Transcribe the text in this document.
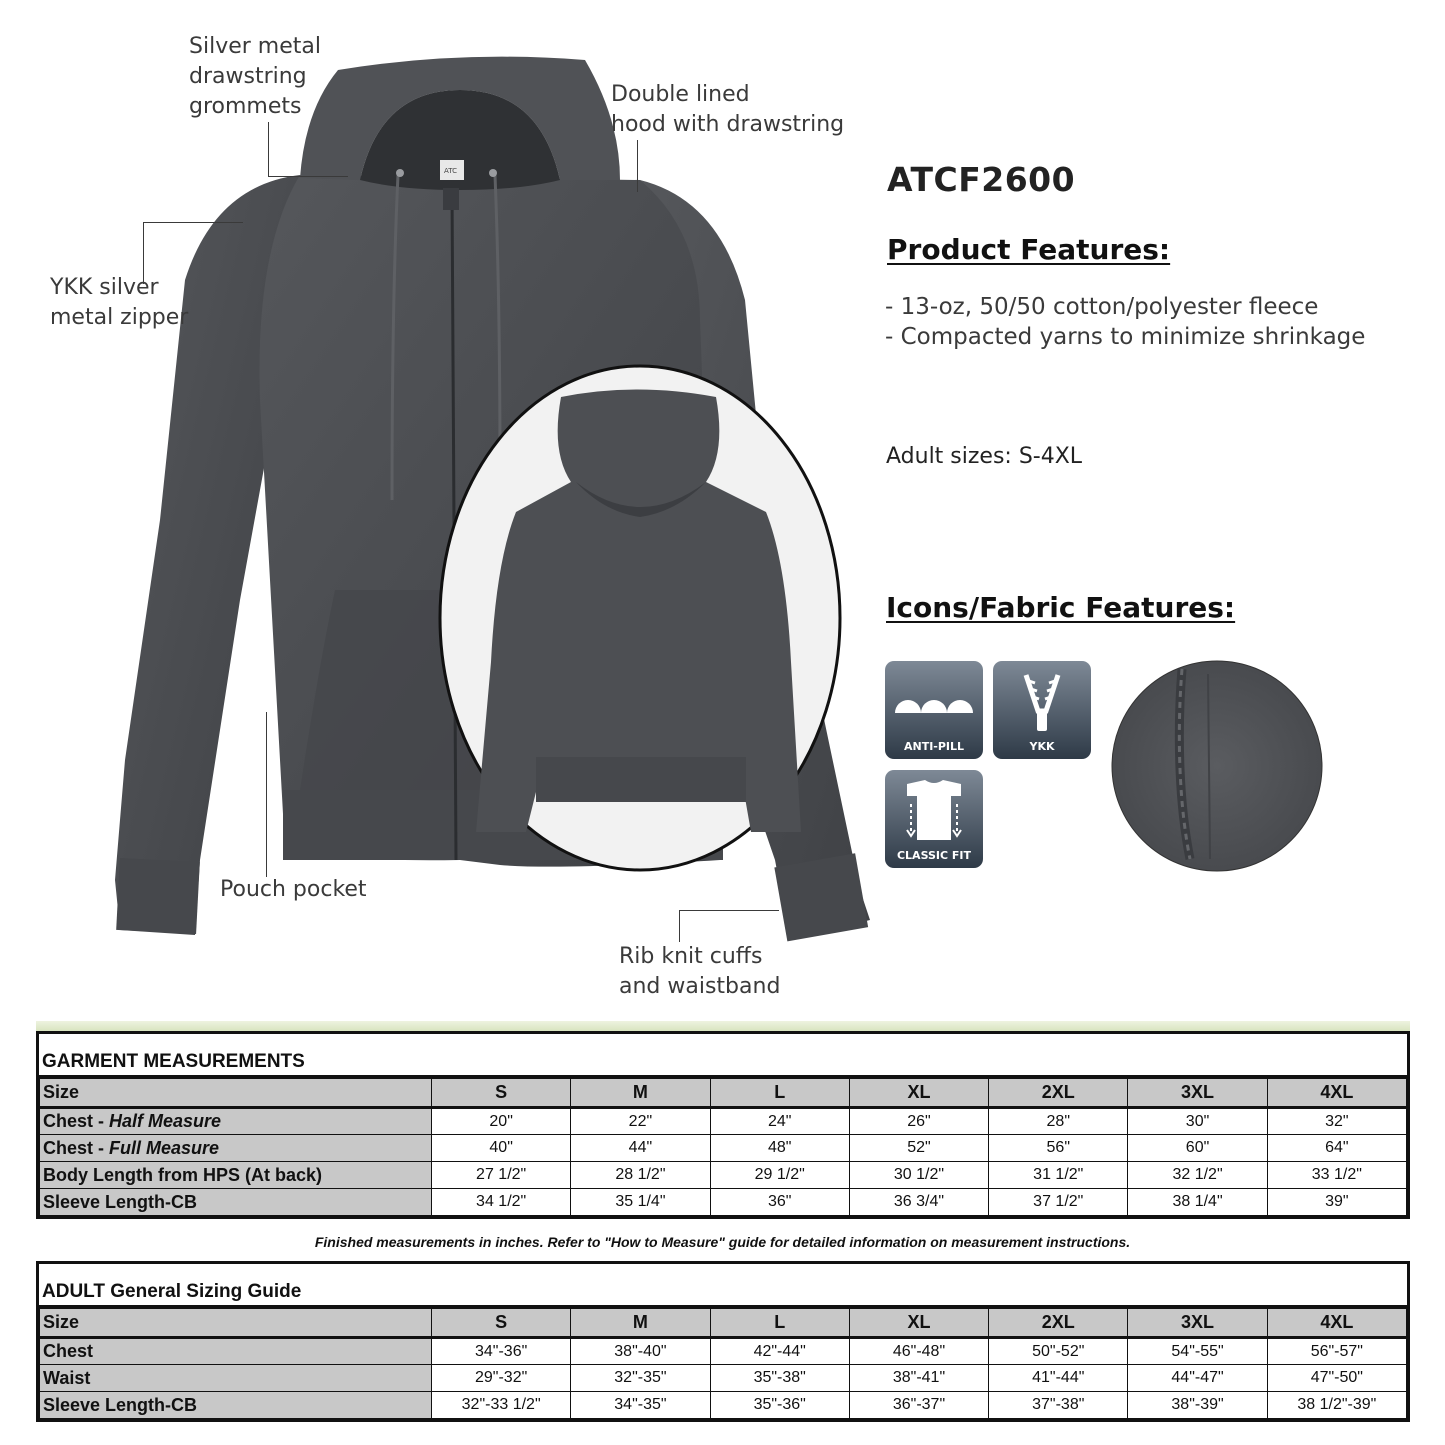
ATC
Silver metal
drawstring
grommets	Double lined
hood with drawstring
YKK silver
metal zipper
Pouch pocket
Rib knit cuffs
and waistband
ATCF2600
Product Features:
- 13-oz, 50/50 cotton/polyester fleece
- Compacted yarns to minimize shrinkage
Adult sizes: S-4XL
Icons/Fabric Features:
ANTI-PILL	YKK
CLASSIC FIT
GARMENT MEASUREMENTS
Size	S	M	L	XL	2XL	3XL	4XL
Chest - Half Measure	20"	22"	24"	26"	28"	30"	32"
Chest - Full Measure	40"	44"	48"	52"	56"	60"	64"
Body Length from HPS (At back)	27 1/2"	28 1/2"	29 1/2"	30 1/2"	31 1/2"	32 1/2"	33 1/2"
Sleeve Length-CB	34 1/2"	35 1/4"	36"	36 3/4"	37 1/2"	38 1/4"	39"
Finished measurements in inches. Refer to "How to Measure" guide for detailed information on measurement instructions.
ADULT General Sizing Guide
Size	S	M	L	XL	2XL	3XL	4XL
Chest	34"-36"	38"-40"	42"-44"	46"-48"	50"-52"	54"-55"	56"-57"
Waist	29"-32"	32"-35"	35"-38"	38"-41"	41"-44"	44"-47"	47"-50"
Sleeve Length-CB	32"-33 1/2"	34"-35"	35"-36"	36"-37"	37"-38"	38"-39"	38 1/2"-39"
